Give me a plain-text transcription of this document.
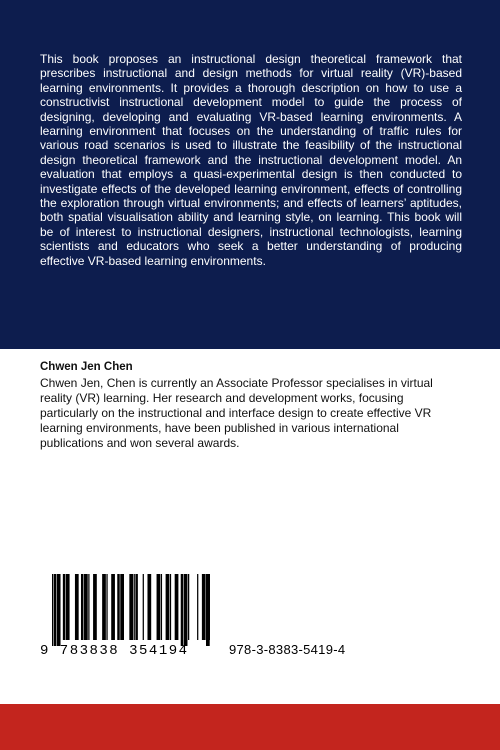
This book proposes an instructional design theoretical framework that prescribes instructional and design methods for virtual reality (VR)-based learning environments. It provides a thorough description on how to use a constructivist instructional development model to guide the process of designing, developing and evaluating VR-based learning environments. A learning environment that focuses on the understanding of traffic rules for various road scenarios is used to illustrate the feasibility of the instructional design theoretical framework and the instructional development model. An evaluation that employs a quasi-experimental design is then conducted to investigate effects of the developed learning environment, effects of controlling the exploration through virtual environments; and effects of learners’ aptitudes, both spatial visualisation ability and learning style, on learning. This book will be of interest to instructional designers, instructional technologists, learning scientists and educators who seek a better understanding of producing effective VR-based learning environments.

Chwen Jen Chen

Chwen Jen, Chen is currently an Associate Professor specialises in virtual reality (VR) learning. Her research and development works, focusing particularly on the instructional and interface design to create effective VR learning environments, have been published in various international publications and won several awards.

9 783838 354194	978-3-8383-5419-4
